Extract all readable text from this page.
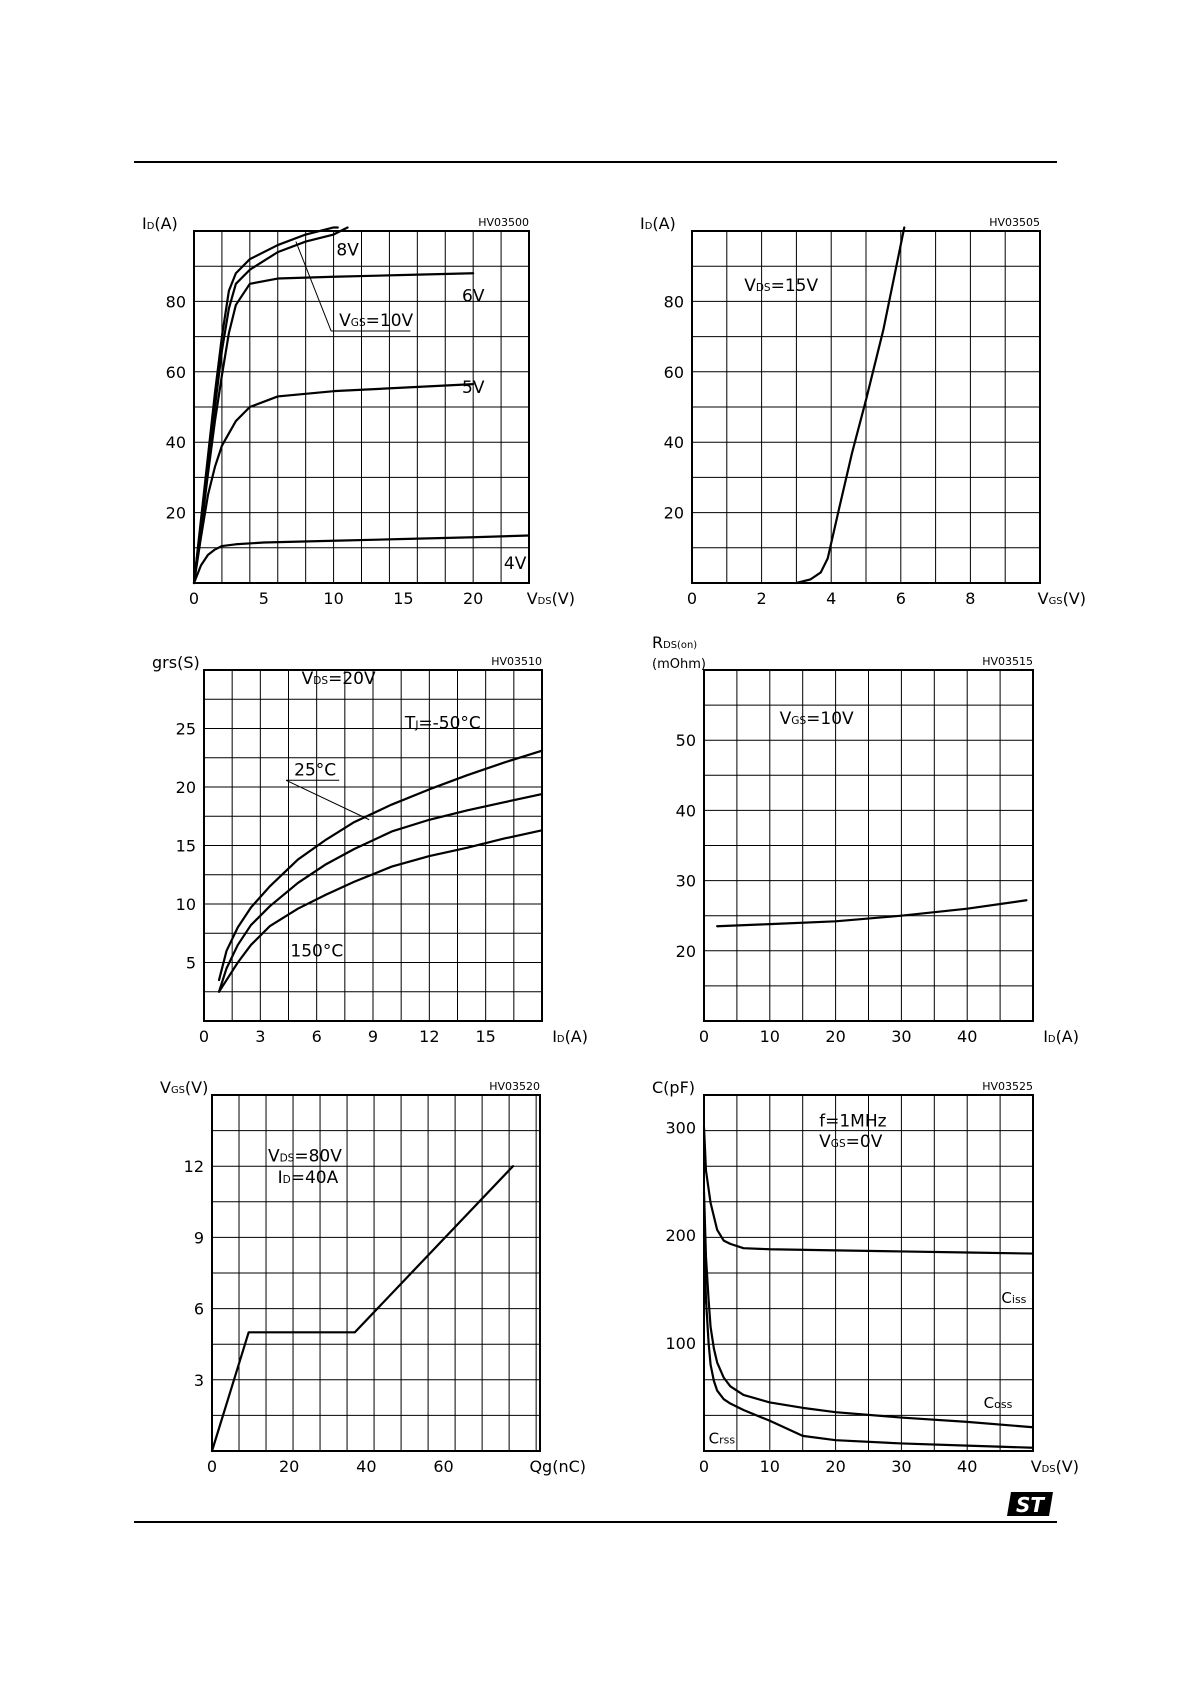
0	5	10	15	20
20
40
60
80
VDS(V)
ID(A)	HV03500
8V
6V
5V
4V
VGS=10V
0	2	4	6	8
20
40
60
80
VGS(V)
ID(A)	HV03505
VDS=15V
0	3	6	9	12 15
5
10
15
20
25
ID(A)
grs(S)	HV03510
VDS=20V
TJ=-50°C
25°C
150°C
0	10	20	30	40
20
30
40
50
ID(A)
RDS(on)
(mOhm)	HV03515
VGS=10V
0	20	40	60
3
6
9
12
Qg(nC)
VGS(V)	HV03520
VDS=80V
ID=40A
0	10	20	30	40
100
200
300
VDS(V)
C(pF)	HV03525
Ciss
Coss
Crss
f=1MHz
VGS=0V
ST
